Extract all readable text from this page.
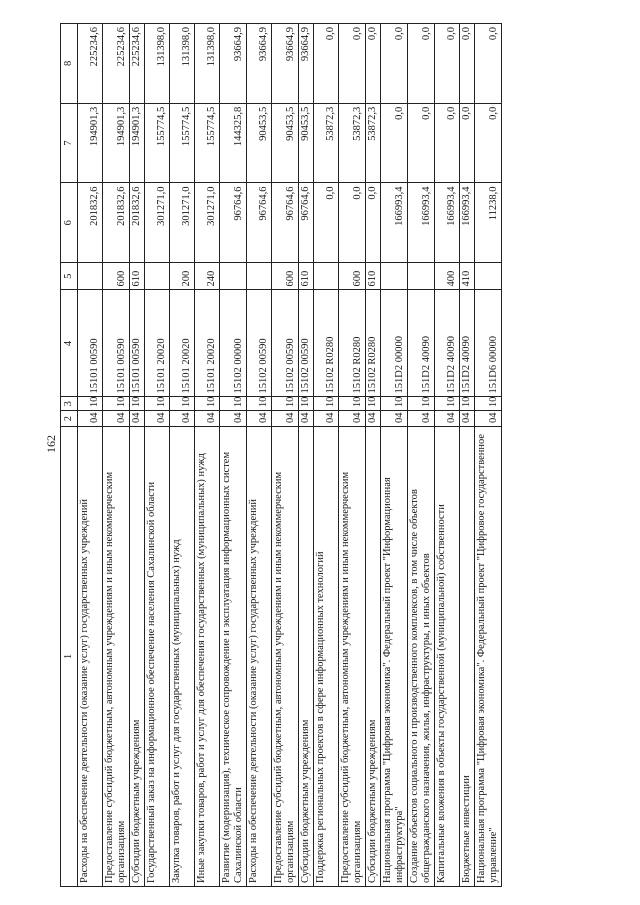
162
1	2	3	4	5	6	7	8
Расходы на обеспечение деятельности (оказание услуг) государственных учреждений	04	10	15101 00590		201832,6	194901,3	225234,6
Предоставление субсидий бюджетным, автономным учреждениям и иным некоммерческим организациям	04	10	15101 00590	600	201832,6	194901,3	225234,6
Субсидии бюджетным учреждениям	04	10	15101 00590	610	201832,6	194901,3	225234,6
Государственный заказ на информационное обеспечение населения Сахалинской области	04	10	15101 20020		301271,0	155774,5	131398,0
Закупка товаров, работ и услуг для государственных (муниципальных) нужд	04	10	15101 20020	200	301271,0	155774,5	131398,0
Иные закупки товаров, работ и услуг для обеспечения государственных (муниципальных) нужд	04	10	15101 20020	240	301271,0	155774,5	131398,0
Развитие (модернизация), техническое сопровождение и эксплуатация информационных систем Сахалинской области	04	10	15102 00000		96764,6	144325,8	93664,9
Расходы на обеспечение деятельности (оказание услуг) государственных учреждений	04	10	15102 00590		96764,6	90453,5	93664,9
Предоставление субсидий бюджетным, автономным учреждениям и иным некоммерческим организациям	04	10	15102 00590	600	96764,6	90453,5	93664,9
Субсидии бюджетным учреждениям	04	10	15102 00590	610	96764,6	90453,5	93664,9
Поддержка региональных проектов в сфере информационных технологий	04	10	15102 R0280		0,0	53872,3	0,0
Предоставление субсидий бюджетным, автономным учреждениям и иным некоммерческим организациям	04	10	15102 R0280	600	0,0	53872,3	0,0
Субсидии бюджетным учреждениям	04	10	15102 R0280	610	0,0	53872,3	0,0
Национальная программа "Цифровая экономика". Федеральный проект "Информационная инфраструктура"	04	10	151D2 00000		166993,4	0,0	0,0
Создание объектов социального и производственного комплексов, в том числе объектов общегражданского назначения, жилья, инфраструктуры, и иных объектов	04	10	151D2 40090		166993,4	0,0	0,0
Капитальные вложения в объекты государственной (муниципальной) собственности	04	10	151D2 40090	400	166993,4	0,0	0,0
Бюджетные инвестиции	04	10	151D2 40090	410	166993,4	0,0	0,0
Национальная программа "Цифровая экономика". Федеральный проект "Цифровое государственное управление"	04	10	151D6 00000		11238,0	0,0	0,0
